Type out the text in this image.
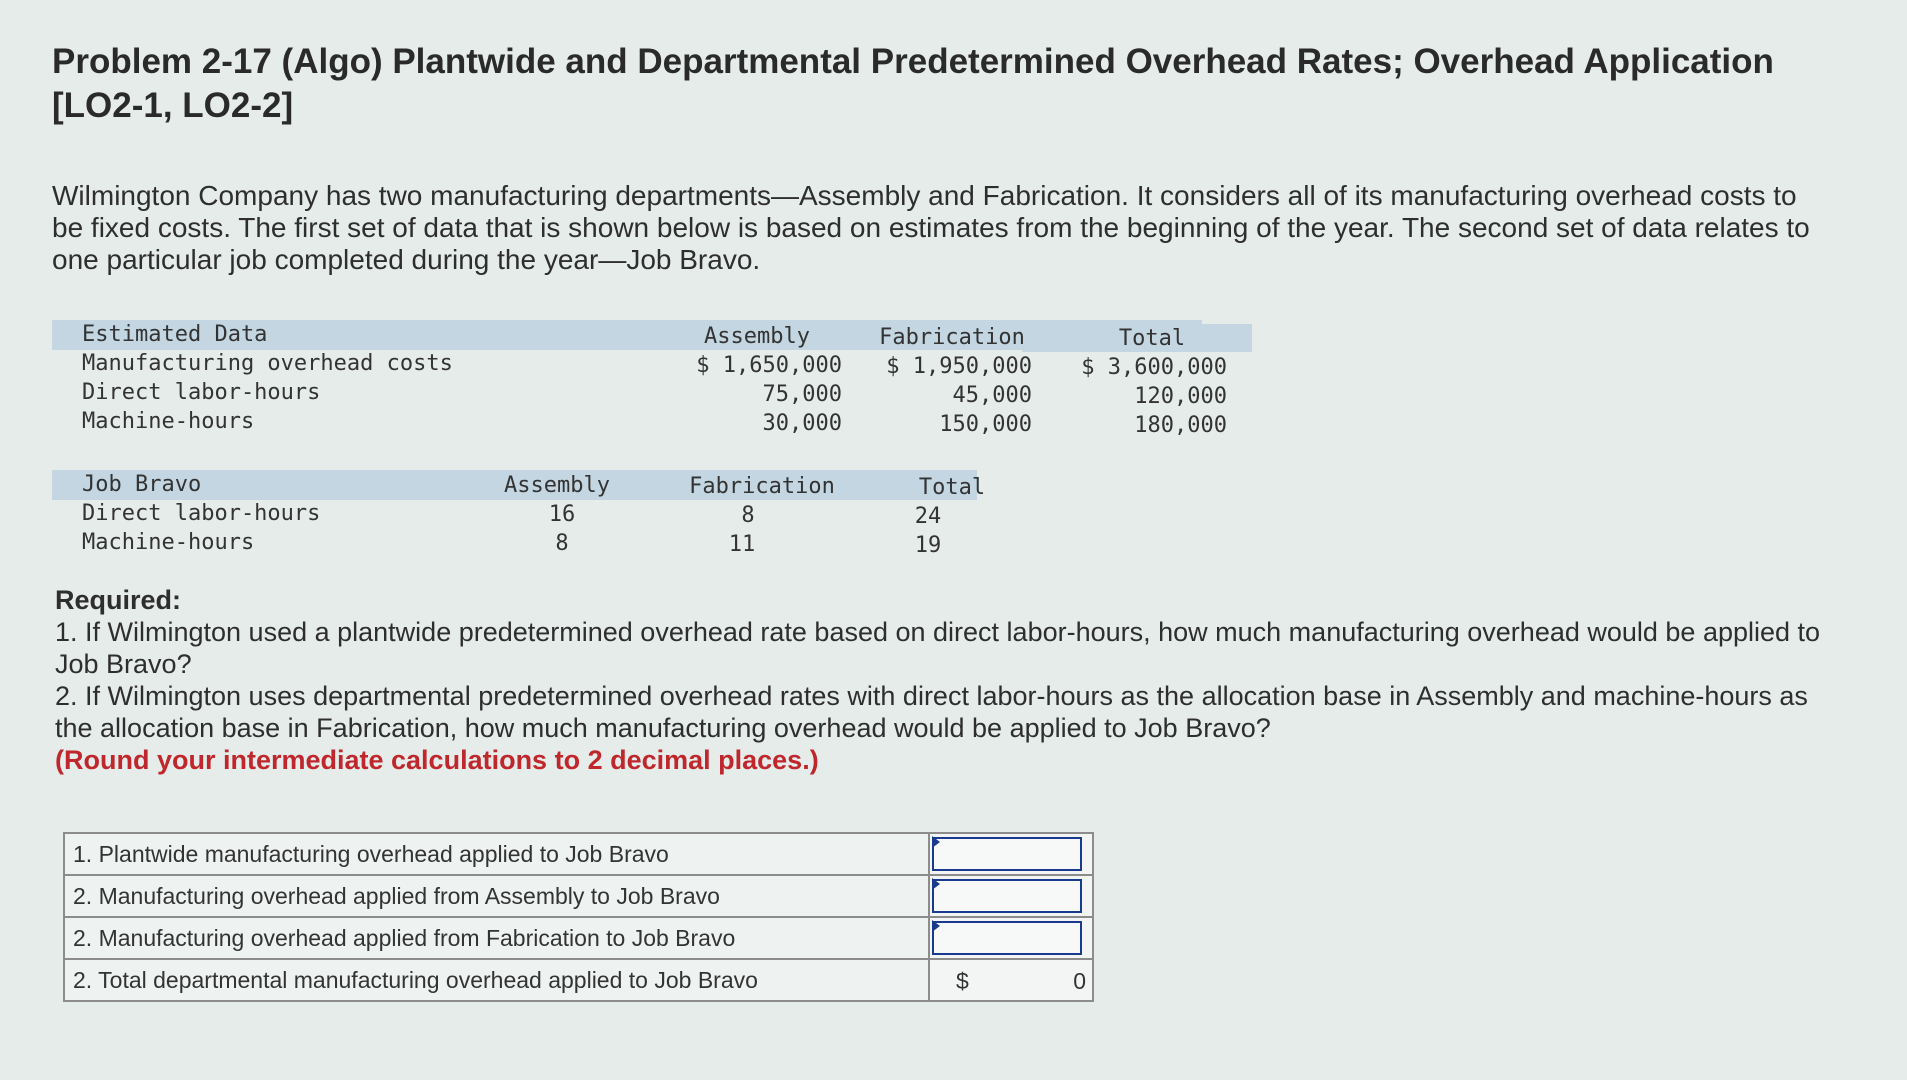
Problem 2-17 (Algo) Plantwide and Departmental Predetermined Overhead Rates; Overhead Application [LO2-1, LO2-2]
Wilmington Company has two manufacturing departments—Assembly and Fabrication. It considers all of its manufacturing overhead costs to be fixed costs. The first set of data that is shown below is based on estimates from the beginning of the year. The second set of data relates to one particular job completed during the year—Job Bravo.
Estimated Data	Assembly	Fabrication	Total
Manufacturing overhead costs	$ 1,650,000	$ 1,950,000	$ 3,600,000
Direct labor-hours	75,000	45,000	120,000
Machine-hours	30,000	150,000	180,000
Job Bravo	Assembly	Fabrication	Total
Direct labor-hours	16	8	24
Machine-hours	8	11	19
Required:
1. If Wilmington used a plantwide predetermined overhead rate based on direct labor-hours, how much manufacturing overhead would be applied to Job Bravo?
2. If Wilmington uses departmental predetermined overhead rates with direct labor-hours as the allocation base in Assembly and machine-hours as the allocation base in Fabrication, how much manufacturing overhead would be applied to Job Bravo?
(Round your intermediate calculations to 2 decimal places.)
1. Plantwide manufacturing overhead applied to Job Bravo	

2. Manufacturing overhead applied from Assembly to Job Bravo	

2. Manufacturing overhead applied from Fabrication to Job Bravo	

2. Total departmental manufacturing overhead applied to Job Bravo	$ 0
